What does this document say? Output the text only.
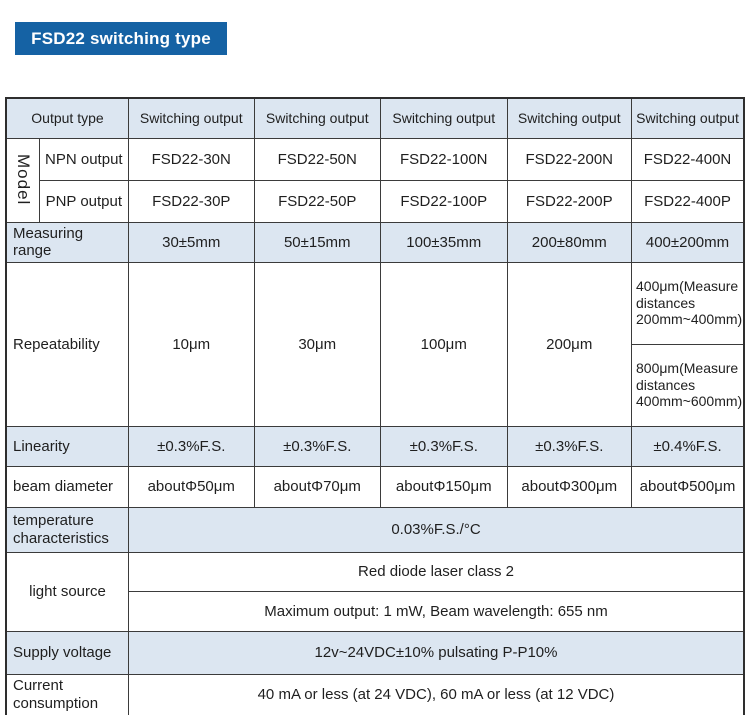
FSD22 switching type
Output type		Switching output	Switching output	Switching output	Switching output	Switching output

Model	NPN output	FSD22-30N	FSD22-50N	FSD22-100N	FSD22-200N	FSD22-400N
	PNP output	FSD22-30P	FSD22-50P	FSD22-100P	FSD22-200P	FSD22-400P
Measuring range		30±5mm	50±15mm	100±35mm	200±80mm	400±200mm
Repeatability		10μm	30μm	100μm	200μm	400μm(Measure distances 200mm~400mm)
						800μm(Measure distances 400mm~600mm)
Linearity		±0.3%F.S.	±0.3%F.S.	±0.3%F.S.	±0.3%F.S.	±0.4%F.S.
beam diameter		aboutΦ50μm	aboutΦ70μm	aboutΦ150μm	aboutΦ300μm	aboutΦ500μm
temperature characteristics		0.03%F.S./°C				
light source		Red diode laser class 2				
		Maximum output: 1 mW, Beam wavelength: 655 nm				
Supply voltage		12v~24VDC±10% pulsating P-P10%				
Current consumption		40 mA or less (at 24 VDC), 60 mA or less (at 12 VDC)				
